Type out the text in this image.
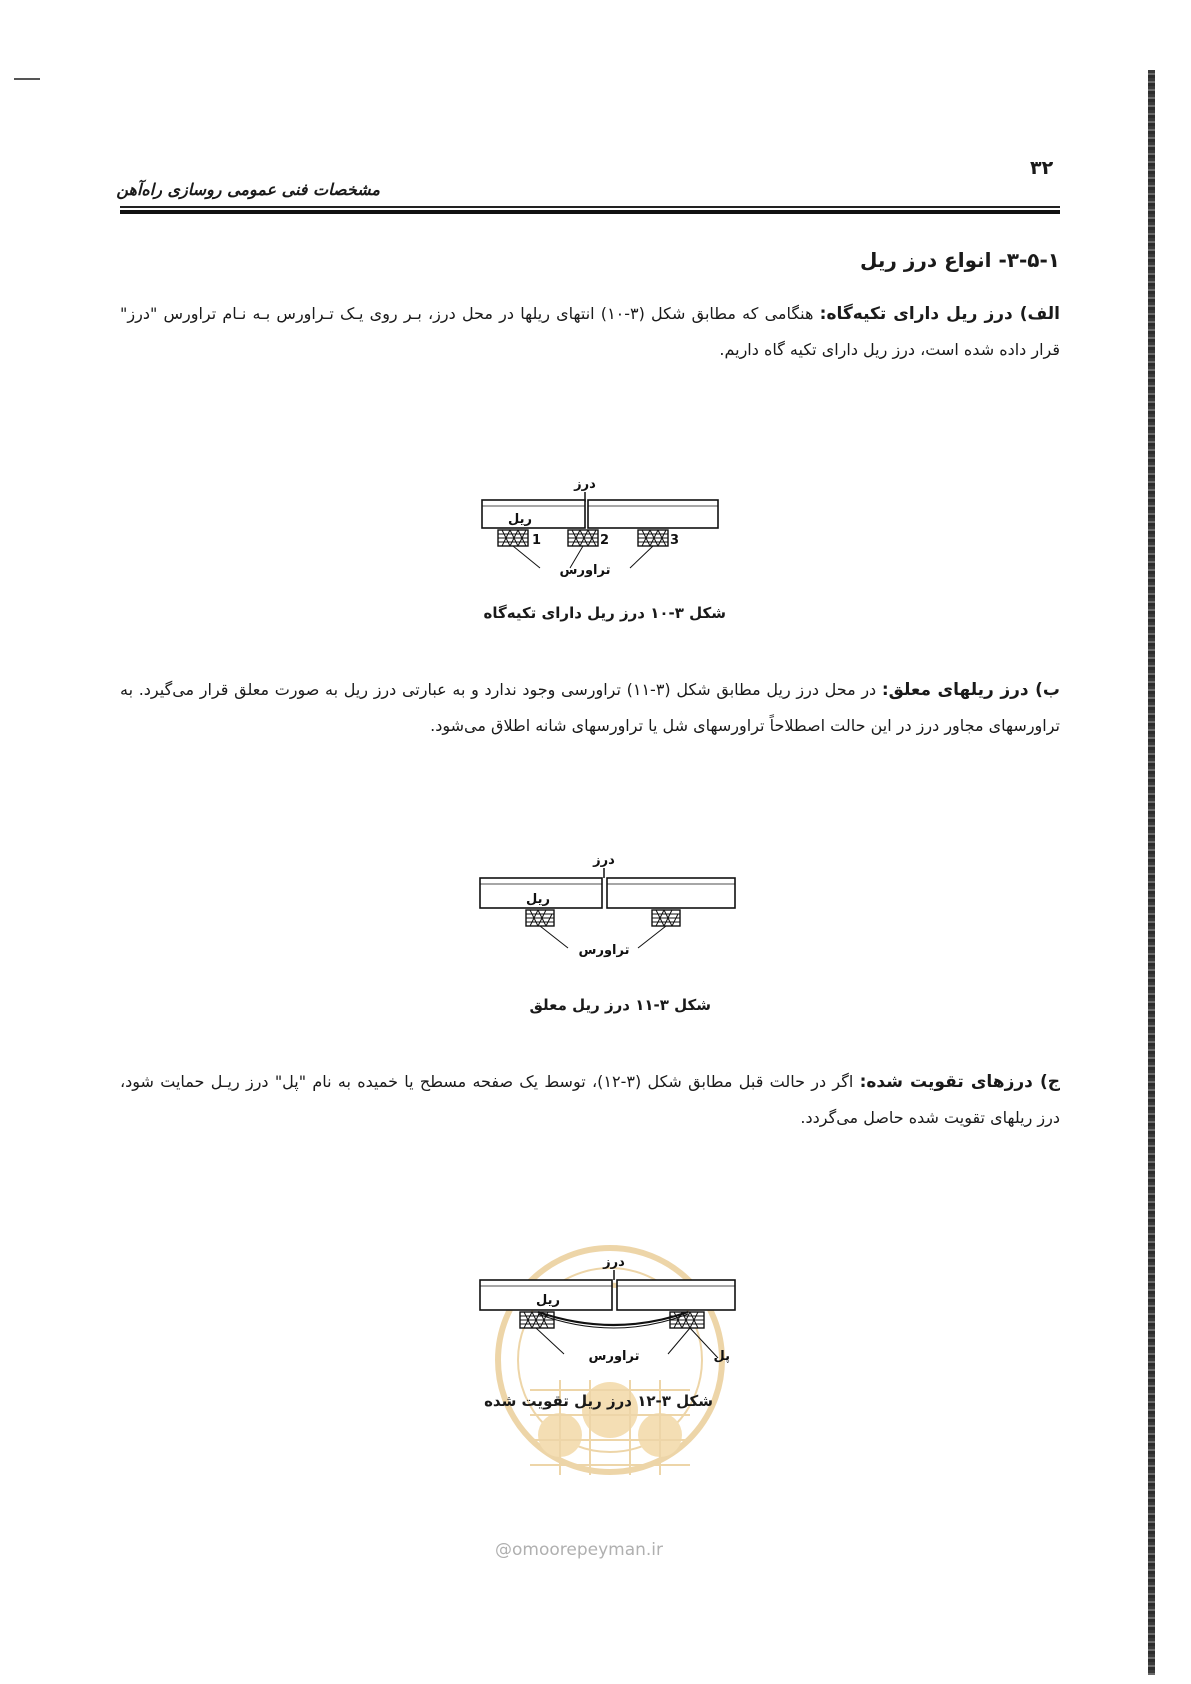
۳۲
مشخصات فنی عمومی روسازی راه‌آهن
۳-۵-۱- انواع درز ریل
الف) درز ریل دارای تکیه‌گاه: هنگامی که مطابق شکل (۳-۱۰) انتهای ریلها در محل درز، بـر روی یـک تـراورس بـه نـام تراورس "درز" قرار داده شده است، درز ریل دارای تکیه گاه داریم.
درز
ریل
1	2	3
تراورس
شکل ۳-۱۰ درز ریل دارای تکیه‌گاه
ب) درز ریلهای معلق: در محل درز ریل مطابق شکل (۳-۱۱) تراورسی وجود ندارد و به عبارتی درز ریل به صورت معلق قرار می‌گیرد. به تراورسهای مجاور درز در این حالت اصطلاحاً تراورسهای شل یا تراورسهای شانه اطلاق می‌شود.
درز
ریل
تراورس
شکل ۳-۱۱ درز ریل معلق
ج) درزهای تقویت شده: اگر در حالت قبل مطابق شکل (۳-۱۲)، توسط یک صفحه مسطح یا خمیده به نام "پل" درز ریـل حمایت شود، درز ریلهای تقویت شده حاصل می‌گردد.
@omoorepeyman.ir
درز
ریل
تراورس	پل
شکل ۳-۱۲ درز ریل تقویت شده
